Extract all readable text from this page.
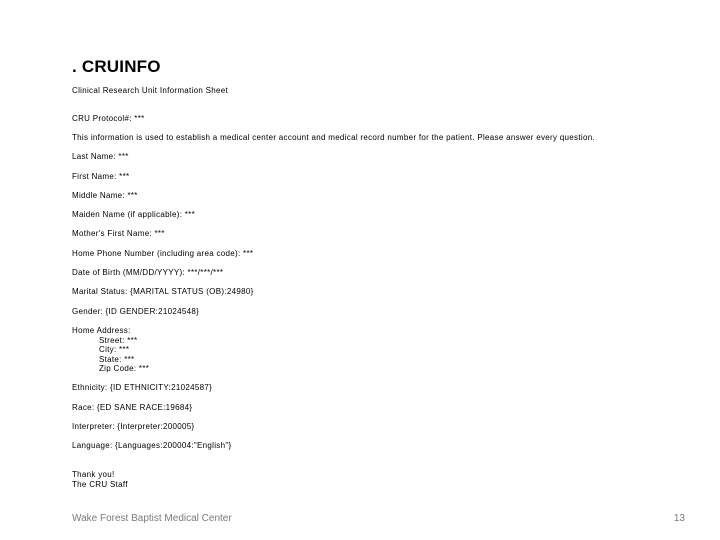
. CRUINFO
Clinical Research Unit Information Sheet
CRU Protocol#: ***
This information is used to establish a medical center account and medical record number for the patient. Please answer every question.
Last Name: ***
First Name: ***
Middle Name: ***
Maiden Name (if applicable): ***
Mother's First Name: ***
Home Phone Number (including area code): ***
Date of Birth (MM/DD/YYYY): ***/***/***
Marital Status: {MARITAL STATUS (OB):24980}
Gender: {ID GENDER:21024548}
Home Address:
Street: ***
City: ***
State: ***
Zip Code: ***
Ethnicity: {ID ETHNICITY:21024587}
Race: {ED SANE RACE:19684}
Interpreter: {Interpreter:200005}
Language: {Languages:200004:"English"}
Thank you!
The CRU Staff
Wake Forest Baptist Medical Center	13
